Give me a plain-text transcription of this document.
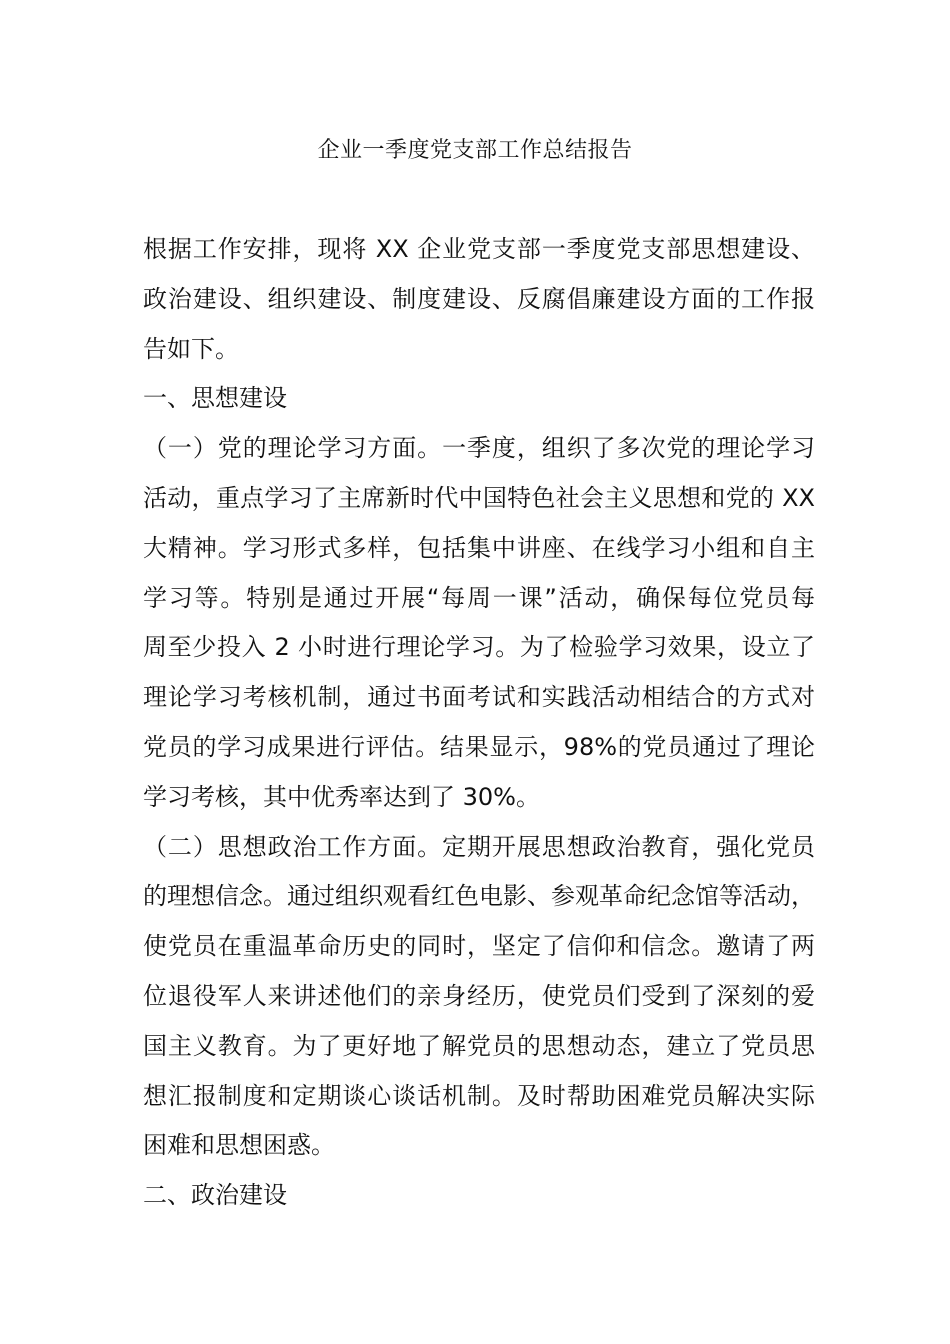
企业一季度党支部工作总结报告
根据工作安排，现将 XX 企业党支部一季度党支部思想建设、
政治建设、组织建设、制度建设、反腐倡廉建设方面的工作报
告如下。
一、思想建设
（一）党的理论学习方面。一季度，组织了多次党的理论学习
活动，重点学习了主席新时代中国特色社会主义思想和党的 XX
大精神。学习形式多样，包括集中讲座、在线学习小组和自主
学习等。特别是通过开展“每周一课”活动，确保每位党员每
周至少投入 2 小时进行理论学习。为了检验学习效果，设立了
理论学习考核机制，通过书面考试和实践活动相结合的方式对
党员的学习成果进行评估。结果显示，98%的党员通过了理论
学习考核，其中优秀率达到了 30%。
（二）思想政治工作方面。定期开展思想政治教育，强化党员
的理想信念。通过组织观看红色电影、参观革命纪念馆等活动，
使党员在重温革命历史的同时，坚定了信仰和信念。邀请了两
位退役军人来讲述他们的亲身经历，使党员们受到了深刻的爱
国主义教育。为了更好地了解党员的思想动态，建立了党员思
想汇报制度和定期谈心谈话机制。及时帮助困难党员解决实际
困难和思想困惑。
二、政治建设
